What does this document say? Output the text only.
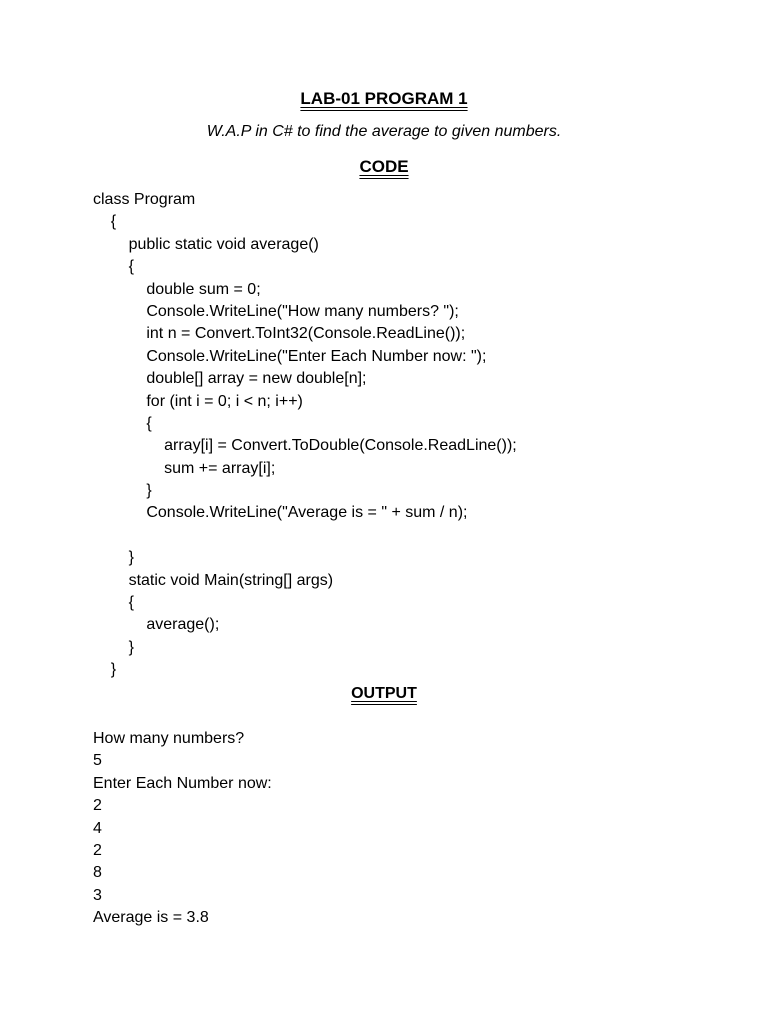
LAB-01 PROGRAM 1
W.A.P in C# to find the average to given numbers.
CODE
class Program
{
public static void average()
{
double sum = 0;
Console.WriteLine("How many numbers? ");
int n = Convert.ToInt32(Console.ReadLine());
Console.WriteLine("Enter Each Number now: ");
double[] array = new double[n];
for (int i = 0; i < n; i++)
{
array[i] = Convert.ToDouble(Console.ReadLine());
sum += array[i];
}
Console.WriteLine("Average is = " + sum / n);
}
static void Main(string[] args)
{
average();
}
}
OUTPUT
How many numbers?
5
Enter Each Number now:
2
4
2
8
3
Average is = 3.8
